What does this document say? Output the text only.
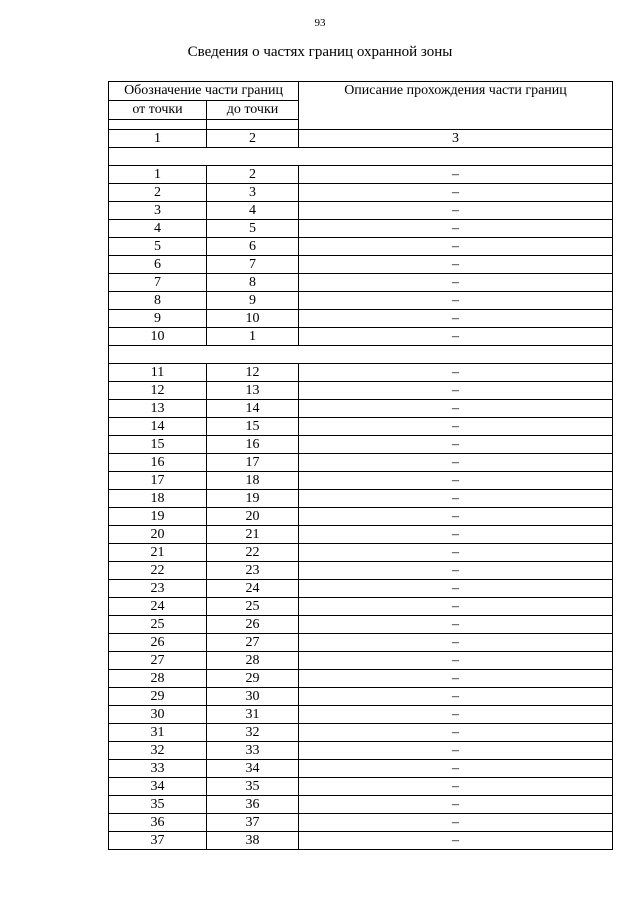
93
Сведения о частях границ охранной зоны
Обозначение части границ		Описание прохождения части границ
от точки	до точки	

1	2	3

1	2	–
2	3	–
3	4	–
4	5	–
5	6	–
6	7	–
7	8	–
8	9	–
9	10	–
10	1	–

11	12	–
12	13	–
13	14	–
14	15	–
15	16	–
16	17	–
17	18	–
18	19	–
19	20	–
20	21	–
21	22	–
22	23	–
23	24	–
24	25	–
25	26	–
26	27	–
27	28	–
28	29	–
29	30	–
30	31	–
31	32	–
32	33	–
33	34	–
34	35	–
35	36	–
36	37	–
37	38	–
